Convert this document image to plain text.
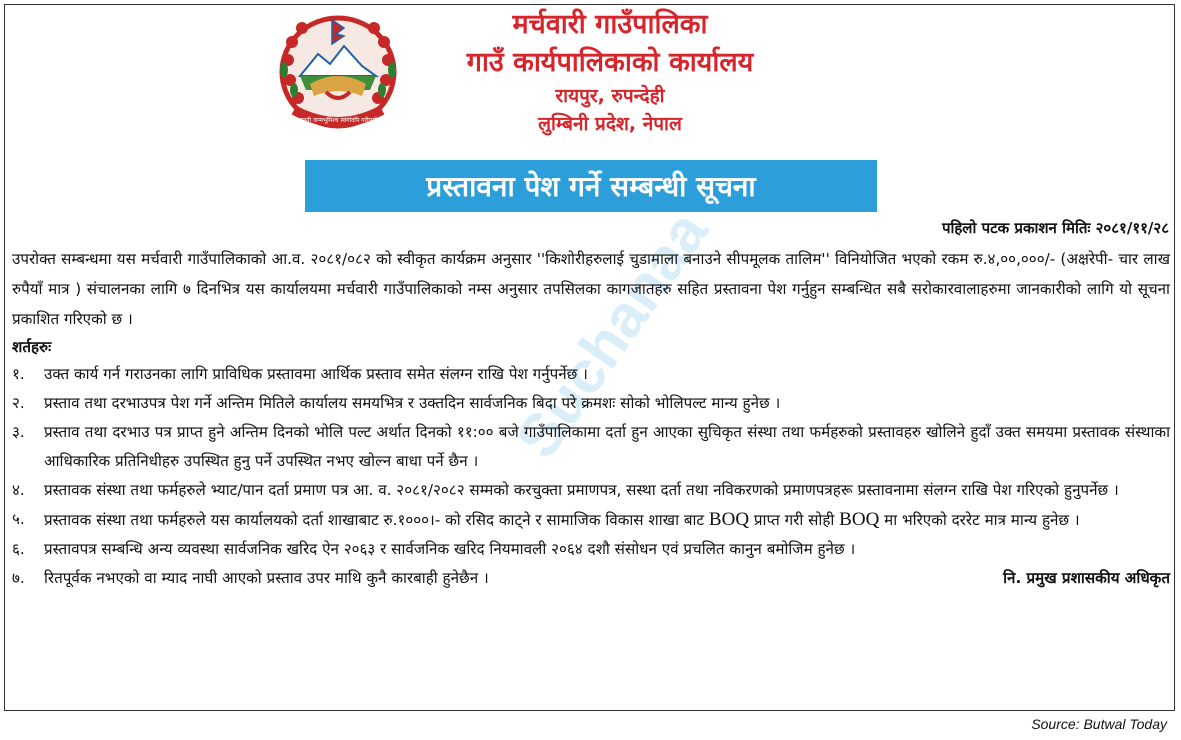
Suchanaa
जननी जन्मभूमिश्च स्वर्गादपि गरीयसी
मर्चवारी गाउँपालिका
गाउँ कार्यपालिकाको कार्यालय
रायपुर, रुपन्देही
लुम्बिनी प्रदेश, नेपाल
प्रस्तावना पेश गर्ने सम्बन्धी सूचना
पहिलो पटक प्रकाशन मितिः २०८१/११/२८

उपरोक्त सम्बन्धमा यस मर्चवारी गाउँपालिकाको आ.व. २०८१/०८२ को स्वीकृत कार्यक्रम अनुसार ''किशोरीहरुलाई चुडामाला बनाउने सीपमूलक तालिम'' विनियोजित भएको रकम रु.४,००,०००/- (अक्षरेपी- चार लाख रुपैयाँ मात्र ) संचालनका लागि ७ दिनभित्र यस कार्यालयमा मर्चवारी गाउँपालिकाको नम्स अनुसार तपसिलका कागजातहरु सहित प्रस्तावना पेश गर्नुहुन सम्बन्धित सबै सरोकारवालाहरुमा जानकारीको लागि यो सूचना प्रकाशित गरिएको छ ।

शर्तहरुः

१.	उक्त कार्य गर्न गराउनका लागि प्राविधिक प्रस्तावमा आर्थिक प्रस्ताव समेत संलग्न राखि पेश गर्नुपर्नेछ ।
२.	प्रस्ताव तथा दरभाउपत्र पेश गर्ने अन्तिम मितिले कार्यालय समयभित्र र उक्तदिन सार्वजनिक बिदा परे क्रमशः सोको भोलिपल्ट मान्य हुनेछ ।
३.	प्रस्ताव तथा दरभाउ पत्र प्राप्त हुने अन्तिम दिनको भोलि पल्ट अर्थात दिनको ११:०० बजे गाउँपालिकामा दर्ता हुन आएका सुचिकृत संस्था तथा फर्महरुको प्रस्तावहरु खोलिने हुदाँ उक्त समयमा प्रस्तावक संस्थाका आधिकारिक प्रतिनिधीहरु उपस्थित हुनु पर्ने उपस्थित नभए खोल्न बाधा पर्ने छैन ।
४.	प्रस्तावक संस्था तथा फर्महरुले भ्याट/पान दर्ता प्रमाण पत्र आ. व. २०८१/२०८२ सम्मको करचुक्ता प्रमाणपत्र, सस्था दर्ता तथा नविकरणको प्रमाणपत्रहरू प्रस्तावनामा संलग्न राखि पेश गरिएको हुनुपर्नेछ ।
५.	प्रस्तावक संस्था तथा फर्महरुले यस कार्यालयको दर्ता शाखाबाट रु.१०००।- को रसिद काट्ने र सामाजिक विकास शाखा बाट BOQ प्राप्त गरी सोही BOQ मा भरिएको दररेट मात्र मान्य हुनेछ ।
६.	प्रस्तावपत्र सम्बन्धि अन्य व्यवस्था सार्वजनिक खरिद ऐन २०६३ र सार्वजनिक खरिद नियमावली २०६४ दशौ संसोधन एवं प्रचलित कानुन बमोजिम हुनेछ ।
७.	रितपूर्वक नभएको वा म्याद नाघी आएको प्रस्ताव उपर माथि कुनै कारबाही हुनेछैन ।	नि. प्रमुख प्रशासकीय अधिकृत
Source: Butwal Today
